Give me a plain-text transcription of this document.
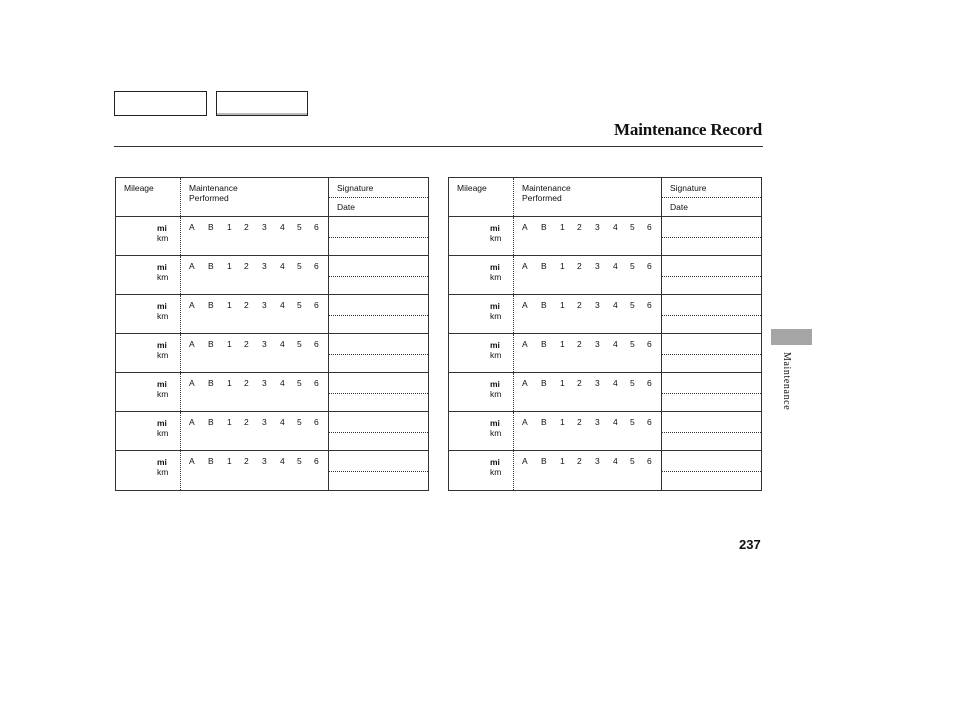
Maintenance Record
Mileage	Maintenance
Performed
Signature
Date
mi
km
A B 1 2 3 4 5 6
mi
km
A B 1 2 3 4 5 6
mi
km
A B 1 2 3 4 5 6
mi
km
A B 1 2 3 4 5 6
mi
km
A B 1 2 3 4 5 6
mi
km
A B 1 2 3 4 5 6
mi
km
A B 1 2 3 4 5 6
Mileage	Maintenance
Performed
Signature
Date
mi
km
A B 1 2 3 4 5 6
mi
km
A B 1 2 3 4 5 6
mi
km
A B 1 2 3 4 5 6
mi
km
A B 1 2 3 4 5 6
mi
km
A B 1 2 3 4 5 6
mi
km
A B 1 2 3 4 5 6
mi
km
A B 1 2 3 4 5 6
Maintenance
237
